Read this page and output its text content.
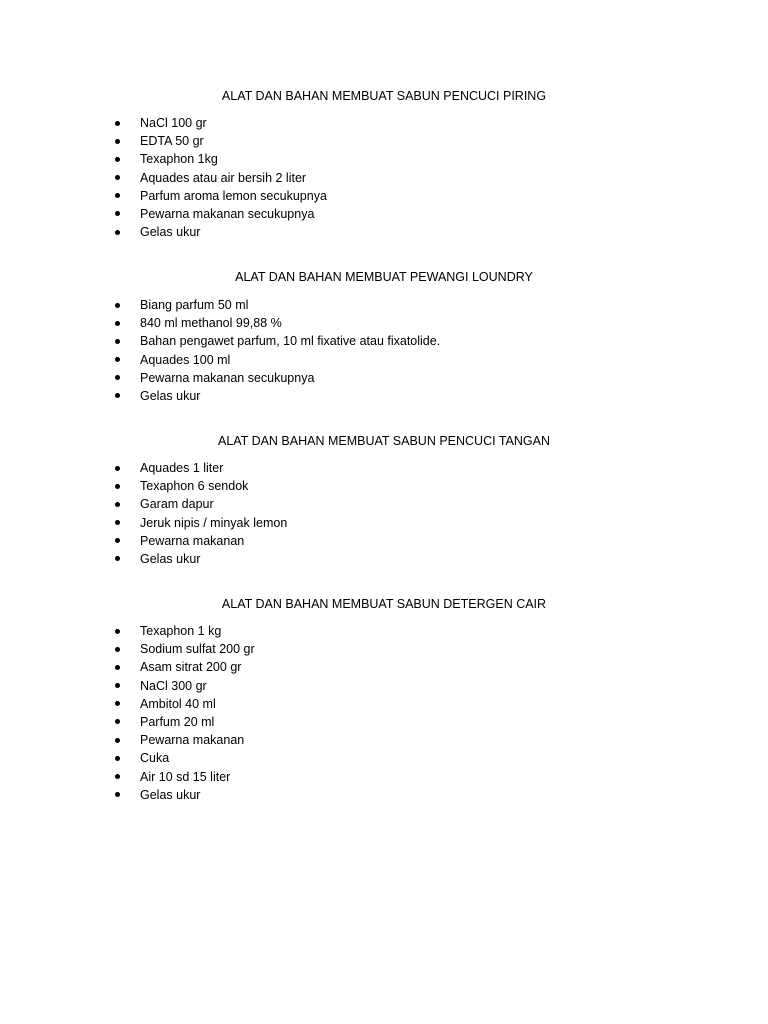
ALAT DAN BAHAN MEMBUAT SABUN PENCUCI PIRING
NaCl 100 gr
EDTA 50 gr
Texaphon 1kg
Aquades atau air bersih 2 liter
Parfum aroma lemon secukupnya
Pewarna makanan secukupnya
Gelas ukur
ALAT DAN BAHAN MEMBUAT PEWANGI LOUNDRY
Biang parfum 50 ml
840 ml methanol 99,88 %
Bahan pengawet parfum, 10 ml fixative atau fixatolide.
Aquades 100 ml
Pewarna makanan secukupnya
Gelas ukur
ALAT DAN BAHAN MEMBUAT SABUN PENCUCI TANGAN
Aquades 1 liter
Texaphon 6 sendok
Garam dapur
Jeruk nipis / minyak lemon
Pewarna makanan
Gelas ukur
ALAT DAN BAHAN MEMBUAT SABUN DETERGEN CAIR
Texaphon 1 kg
Sodium sulfat 200 gr
Asam sitrat 200 gr
NaCl 300 gr
Ambitol 40 ml
Parfum 20 ml
Pewarna makanan
Cuka
Air 10 sd 15 liter
Gelas ukur
